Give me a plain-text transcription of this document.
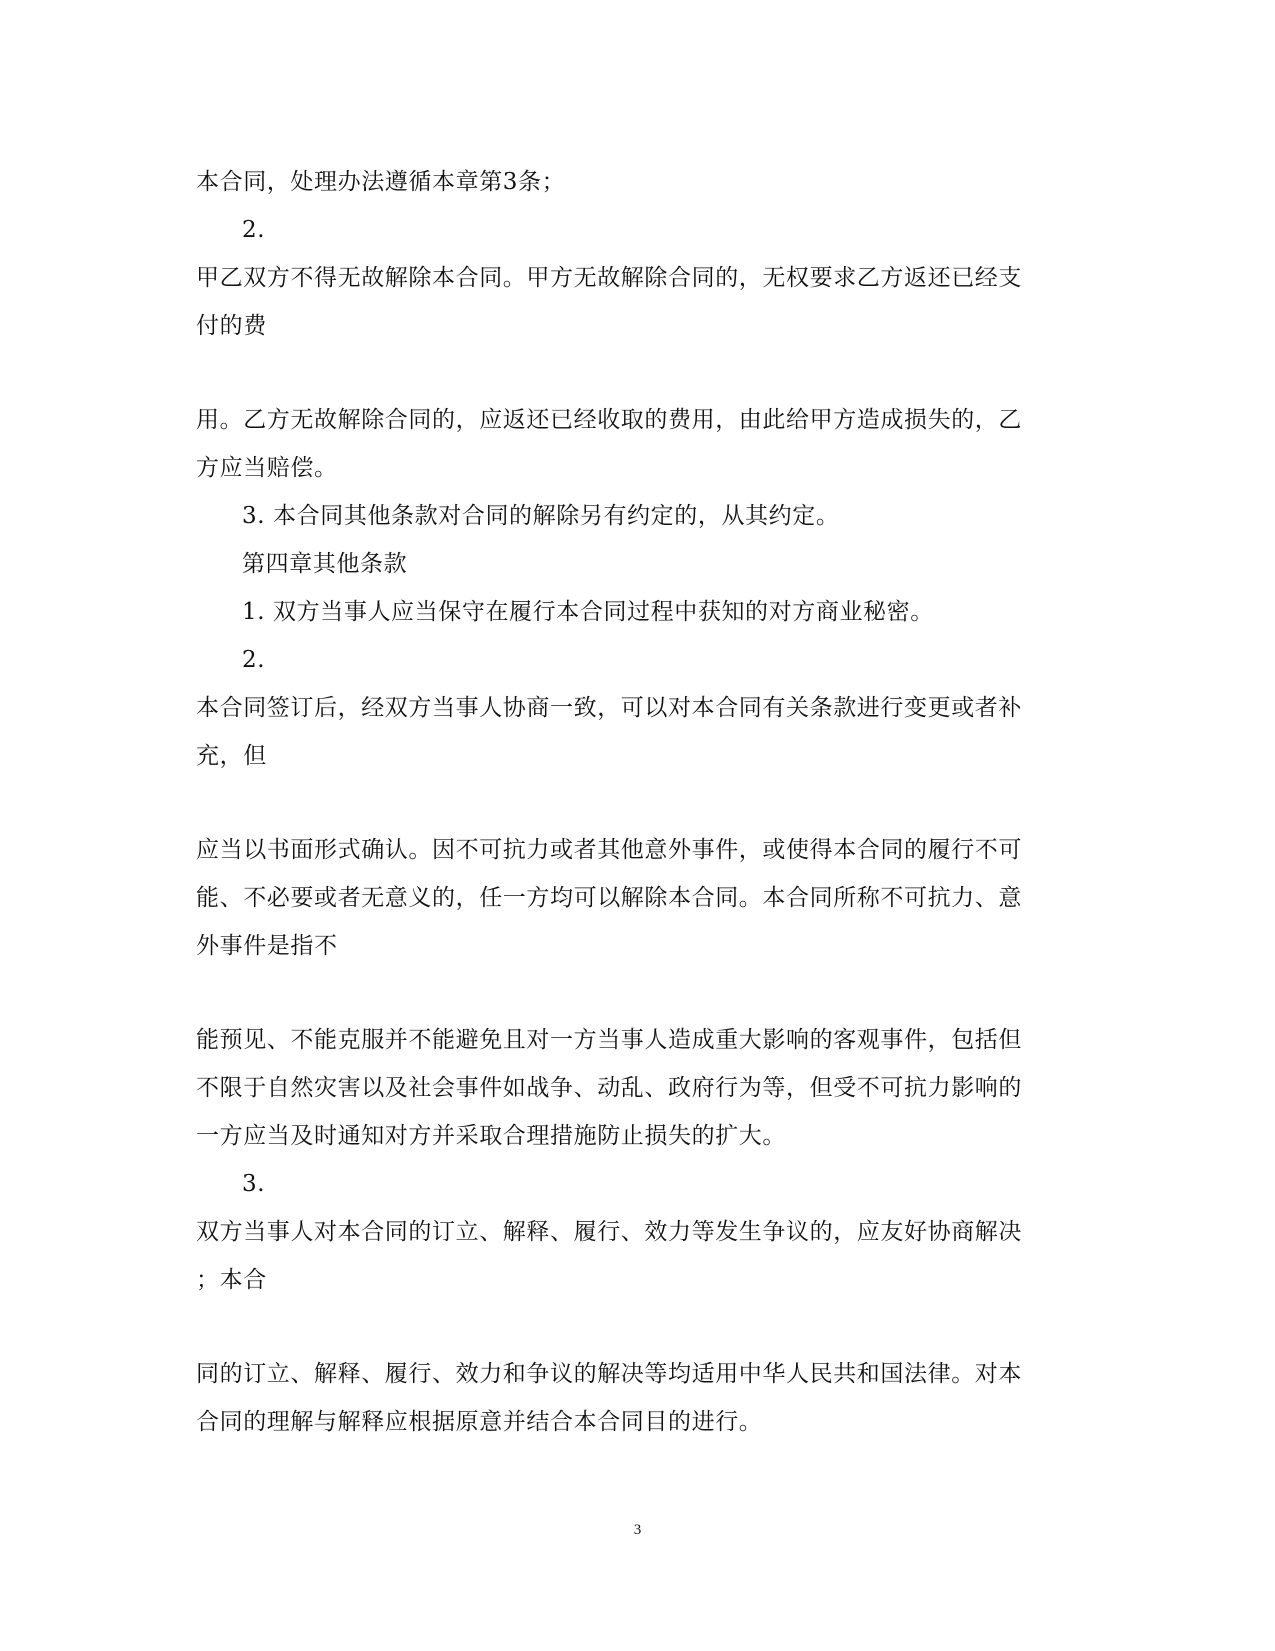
本合同，处理办法遵循本章第3条；

2.

甲乙双方不得无故解除本合同。甲方无故解除合同的，无权要求乙方返还已经支

付的费

用。乙方无故解除合同的，应返还已经收取的费用，由此给甲方造成损失的，乙

方应当赔偿。

3. 本合同其他条款对合同的解除另有约定的，从其约定。

第四章其他条款

1. 双方当事人应当保守在履行本合同过程中获知的对方商业秘密。

2.

本合同签订后，经双方当事人协商一致，可以对本合同有关条款进行变更或者补

充，但

应当以书面形式确认。因不可抗力或者其他意外事件，或使得本合同的履行不可

能、不必要或者无意义的，任一方均可以解除本合同。本合同所称不可抗力、意

外事件是指不

能预见、不能克服并不能避免且对一方当事人造成重大影响的客观事件，包括但

不限于自然灾害以及社会事件如战争、动乱、政府行为等，但受不可抗力影响的

一方应当及时通知对方并采取合理措施防止损失的扩大。

3.

双方当事人对本合同的订立、解释、履行、效力等发生争议的，应友好协商解决

；本合

同的订立、解释、履行、效力和争议的解决等均适用中华人民共和国法律。对本

合同的理解与解释应根据原意并结合本合同目的进行。

3
